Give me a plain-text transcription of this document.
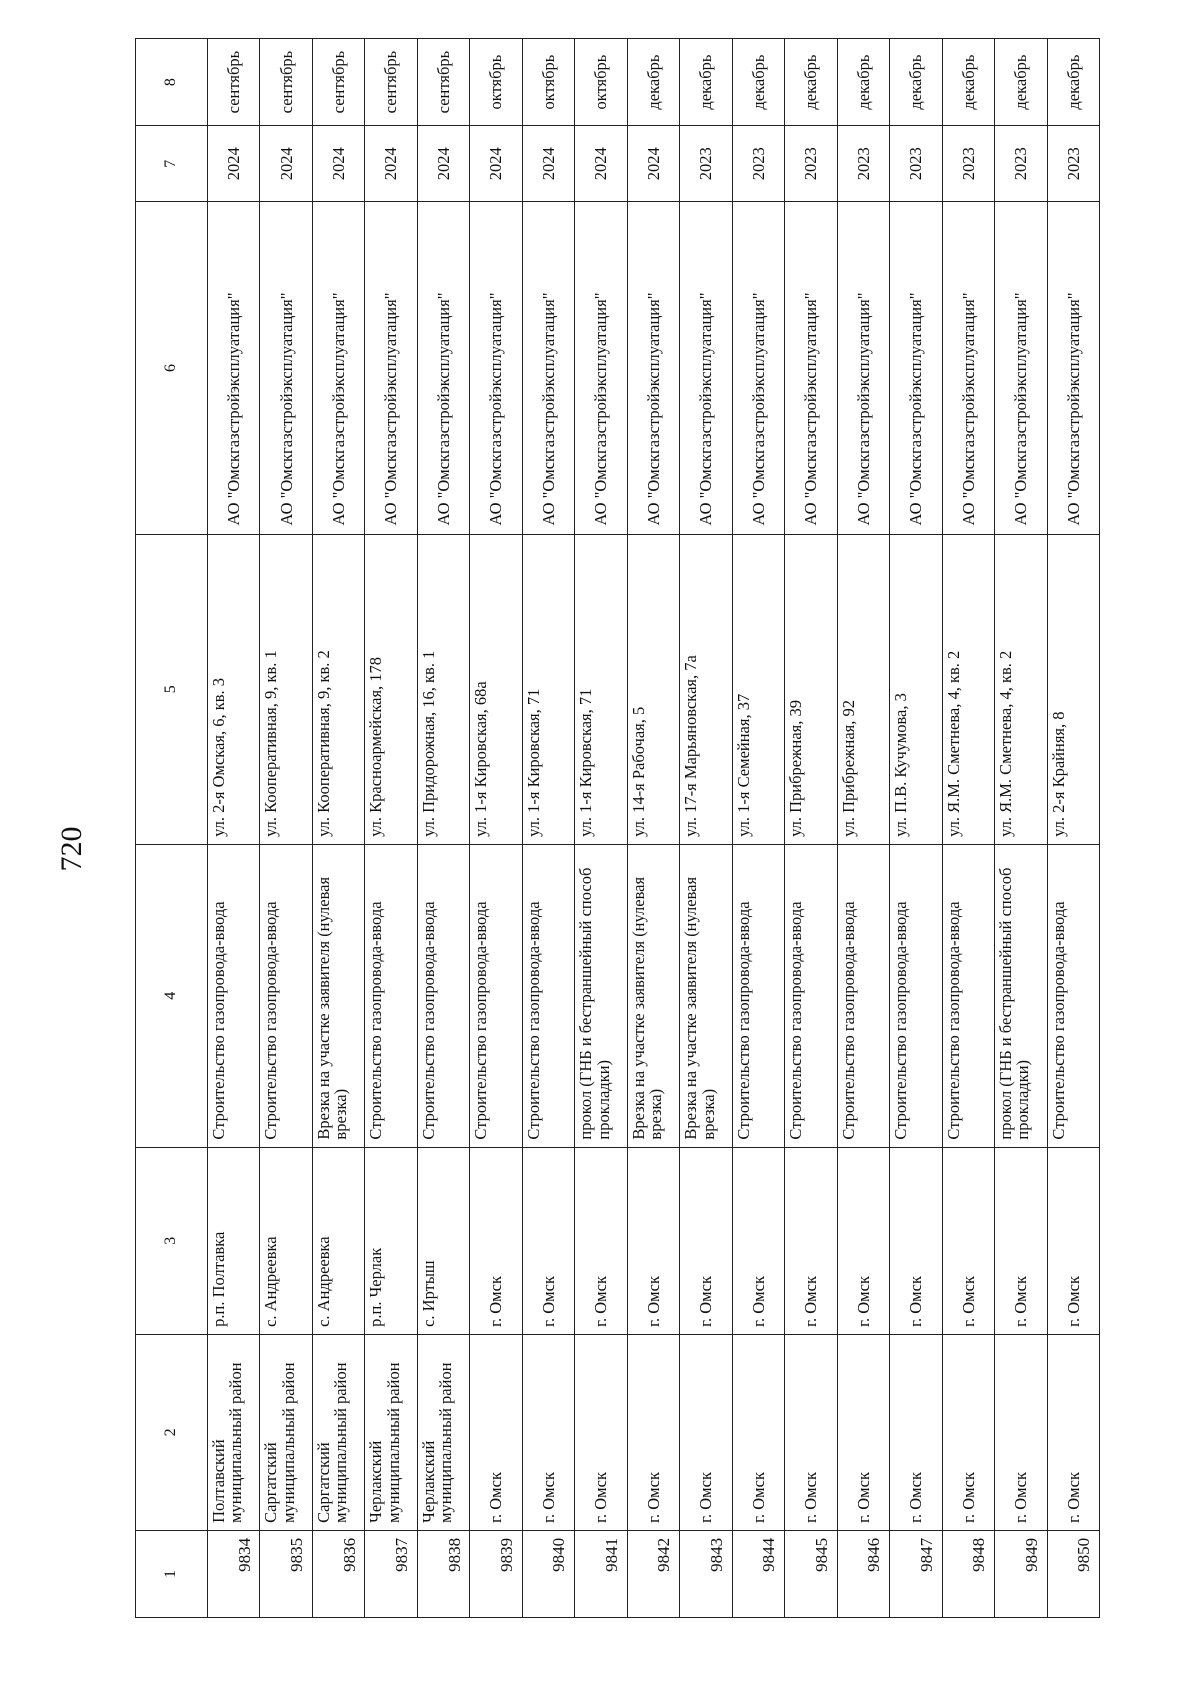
720
1	2	3	4	5	6	7	8
9834	Полтавский муниципальный район	р.п. Полтавка	Строительство газопровода-ввода	ул. 2-я Омская, 6, кв. 3	АО "Омскгазстройэксплуатация"	2024	сентябрь
9835	Саргатский муниципальный район	с. Андреевка	Строительство газопровода-ввода	ул. Кооперативная, 9, кв. 1	АО "Омскгазстройэксплуатация"	2024	сентябрь
9836	Саргатский муниципальный район	с. Андреевка	Врезка на участке заявителя (нулевая врезка)	ул. Кооперативная, 9, кв. 2	АО "Омскгазстройэксплуатация"	2024	сентябрь
9837	Черлакский муниципальный район	р.п. Черлак	Строительство газопровода-ввода	ул. Красноармейская, 178	АО "Омскгазстройэксплуатация"	2024	сентябрь
9838	Черлакский муниципальный район	с. Иртыш	Строительство газопровода-ввода	ул. Придорожная, 16, кв. 1	АО "Омскгазстройэксплуатация"	2024	сентябрь
9839	г. Омск	г. Омск	Строительство газопровода-ввода	ул. 1-я Кировская, 68а	АО "Омскгазстройэксплуатация"	2024	октябрь
9840	г. Омск	г. Омск	Строительство газопровода-ввода	ул. 1-я Кировская, 71	АО "Омскгазстройэксплуатация"	2024	октябрь
9841	г. Омск	г. Омск	прокол (ГНБ и бестраншейный способ прокладки)	ул. 1-я Кировская, 71	АО "Омскгазстройэксплуатация"	2024	октябрь
9842	г. Омск	г. Омск	Врезка на участке заявителя (нулевая врезка)	ул. 14-я Рабочая, 5	АО "Омскгазстройэксплуатация"	2024	декабрь
9843	г. Омск	г. Омск	Врезка на участке заявителя (нулевая врезка)	ул. 17-я Марьяновская, 7а	АО "Омскгазстройэксплуатация"	2023	декабрь
9844	г. Омск	г. Омск	Строительство газопровода-ввода	ул. 1-я Семейная, 37	АО "Омскгазстройэксплуатация"	2023	декабрь
9845	г. Омск	г. Омск	Строительство газопровода-ввода	ул. Прибрежная, 39	АО "Омскгазстройэксплуатация"	2023	декабрь
9846	г. Омск	г. Омск	Строительство газопровода-ввода	ул. Прибрежная, 92	АО "Омскгазстройэксплуатация"	2023	декабрь
9847	г. Омск	г. Омск	Строительство газопровода-ввода	ул. П.В. Кучумова, 3	АО "Омскгазстройэксплуатация"	2023	декабрь
9848	г. Омск	г. Омск	Строительство газопровода-ввода	ул. Я.М. Сметнева, 4, кв. 2	АО "Омскгазстройэксплуатация"	2023	декабрь
9849	г. Омск	г. Омск	прокол (ГНБ и бестраншейный способ прокладки)	ул. Я.М. Сметнева, 4, кв. 2	АО "Омскгазстройэксплуатация"	2023	декабрь
9850	г. Омск	г. Омск	Строительство газопровода-ввода	ул. 2-я Крайняя, 8	АО "Омскгазстройэксплуатация"	2023	декабрь
